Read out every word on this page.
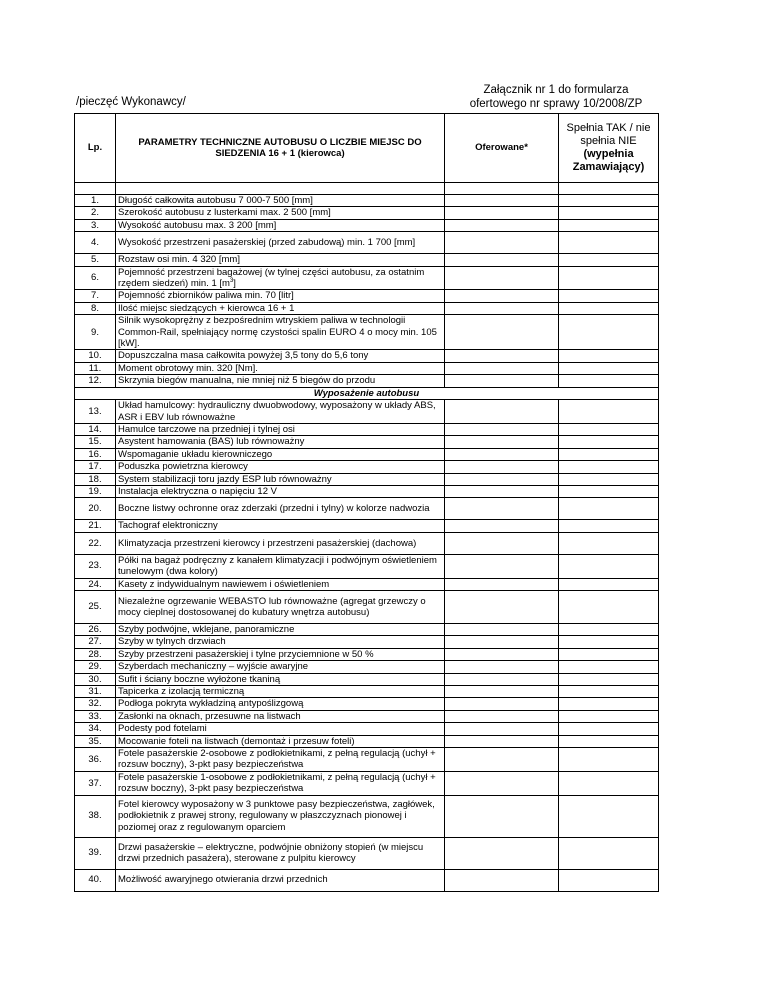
Załącznik nr 1 do formularza
ofertowego nr sprawy 10/2008/ZP
/pieczęć Wykonawcy/
Lp.	PARAMETRY TECHNICZNE AUTOBUSU O LICZBIE MIEJSC DO SIEDZENIA 16 + 1 (kierowca)	Oferowane*	Spełnia TAK / nie
spełnia NIE
(wypełnia
Zamawiający)

1.	Długość całkowita autobusu 7 000-7 500 [mm]		
2.	Szerokość autobusu z lusterkami max. 2 500 [mm]		
3.	Wysokość autobusu max. 3 200 [mm]		
4.	Wysokość przestrzeni pasażerskiej (przed zabudową) min. 1 700 [mm]		
5.	Rozstaw osi min. 4 320 [mm]		
6.	Pojemność przestrzeni bagażowej (w tylnej części autobusu, za ostatnim rzędem siedzeń) min. 1 $[m^3]$		
7.	Pojemność zbiorników paliwa min. 70 [litr]		
8.	Ilość miejsc siedzących + kierowca 16 + 1		
9.	Silnik wysokoprężny z bezpośrednim wtryskiem paliwa w technologii Common-Rail, spełniający normę czystości spalin EURO 4 o mocy min. 105 [kW].		
10.	Dopuszczalna masa całkowita powyżej 3,5 tony do 5,6 tony		
11.	Moment obrotowy min. 320 [Nm].		
12.	Skrzynia biegów manualna, nie mniej niż 5 biegów do przodu		
Wyposażenie autobusu			
13.	Układ hamulcowy: hydrauliczny dwuobwodowy, wyposażony w układy ABS, ASR i EBV lub równoważne		
14.	Hamulce tarczowe na przedniej i tylnej osi		
15.	Asystent hamowania (BAS) lub równoważny		
16.	Wspomaganie układu kierowniczego		
17.	Poduszka powietrzna kierowcy		
18.	System stabilizacji toru jazdy ESP lub równoważny		
19.	Instalacja elektryczna o napięciu 12 V		
20.	Boczne listwy ochronne oraz zderzaki (przedni i tylny) w kolorze nadwozia		
21.	Tachograf elektroniczny		
22.	Klimatyzacja przestrzeni kierowcy i przestrzeni pasażerskiej (dachowa)		
23.	Półki na bagaż podręczny z kanałem klimatyzacji i podwójnym oświetleniem tunelowym (dwa kolory)		
24.	Kasety z indywidualnym nawiewem i oświetleniem		
25.	Niezależne ogrzewanie WEBASTO lub równoważne (agregat grzewczy o mocy cieplnej dostosowanej do kubatury wnętrza autobusu)		
26.	Szyby podwójne, wklejane, panoramiczne		
27.	Szyby w tylnych drzwiach		
28.	Szyby przestrzeni pasażerskiej i tylne przyciemnione w 50 %		
29.	Szyberdach mechaniczny – wyjście awaryjne		
30.	Sufit i ściany boczne wyłożone tkaniną		
31.	Tapicerka z izolacją termiczną		
32.	Podłoga pokryta wykładziną antypoślizgową		
33.	Zasłonki na oknach, przesuwne na listwach		
34.	Podesty pod fotelami		
35.	Mocowanie foteli na listwach (demontaż i przesuw foteli)		
36.	Fotele pasażerskie 2-osobowe z podłokietnikami, z pełną regulacją (uchył + rozsuw boczny), 3-pkt pasy bezpieczeństwa		
37.	Fotele pasażerskie 1-osobowe z podłokietnikami, z pełną regulacją (uchył + rozsuw boczny), 3-pkt pasy bezpieczeństwa		
38.	Fotel kierowcy wyposażony w 3 punktowe pasy bezpieczeństwa, zagłówek, podłokietnik z prawej strony, regulowany w płaszczyznach pionowej i poziomej oraz z regulowanym oparciem		
39.	Drzwi pasażerskie – elektryczne, podwójnie obniżony stopień (w miejscu drzwi przednich pasażera), sterowane z pulpitu kierowcy		
40.	Możliwość awaryjnego otwierania drzwi przednich		
